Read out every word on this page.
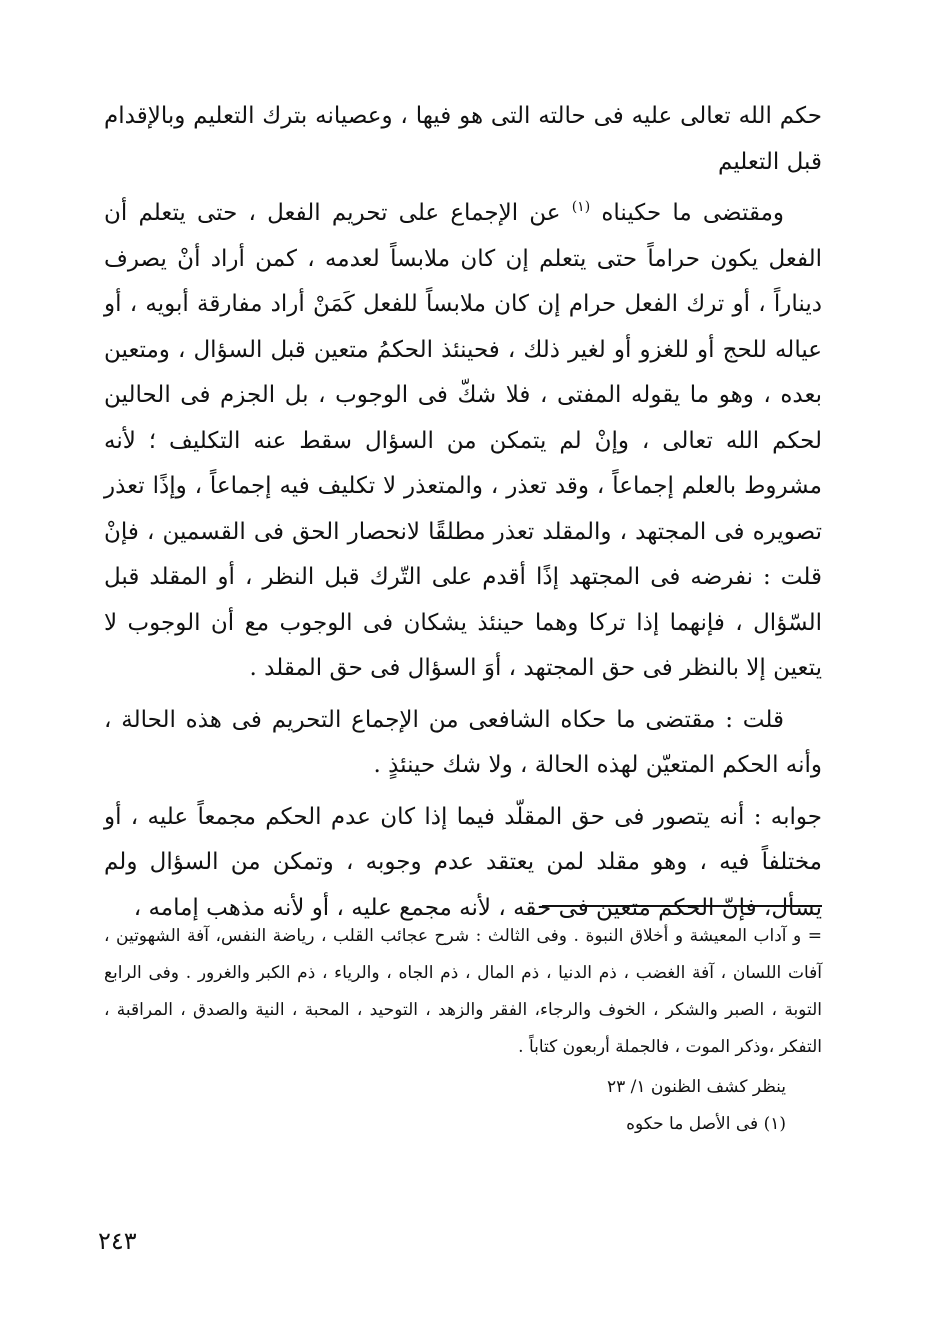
حكم الله تعالى عليه فى حالته التى هو فيها ، وعصيانه بترك التعليم وبالإقدام قبل التعليم

ومقتضى ما حكيناه $^{(١)}$ عن الإجماع على تحريم الفعل ، حتى يتعلم أن الفعل يكون حراماً حتى يتعلم إن كان ملابساً لعدمه ، كمن أراد أنْ يصرف ديناراً ، أو ترك الفعل حرام إن كان ملابساً للفعل كَمَنْ أراد مفارقة أبويه ، أو عياله للحج أو للغزو أو لغير ذلك ، فحينئذ الحكمُ متعين قبل السؤال ، ومتعين بعده ، وهو ما يقوله المفتى ، فلا شكّ فى الوجوب ، بل الجزم فى الحالين لحكم الله تعالى ، وإنْ لم يتمكن من السؤال سقط عنه التكليف ؛ لأنه مشروط بالعلم إجماعاً ، وقد تعذر ، والمتعذر لا تكليف فيه إجماعاً ، وإذًا تعذر تصويره فى المجتهد ، والمقلد تعذر مطلقًا لانحصار الحق فى القسمين ، فإنْ قلت : نفرضه فى المجتهد إذًا أقدم على التّرك قبل النظر ، أو المقلد قبل السّؤال ، فإنهما إذا تركا وهما حينئذ يشكان فى الوجوب مع أن الوجوب لا يتعين إلا بالنظر فى حق المجتهد ، أوَ السؤال فى حق المقلد .

قلت : مقتضى ما حكاه الشافعى من الإجماع التحريم فى هذه الحالة ، وأنه الحكم المتعيّن لهذه الحالة ، ولا شك حينئذٍ .

جوابه : أنه يتصور فى حق المقلّد فيما إذا كان عدم الحكم مجمعاً عليه ، أو مختلفاً فيه ، وهو مقلد لمن يعتقد عدم وجوبه ، وتمكن من السؤال ولم يسأل، فإنّ الحكم متعين فى حقه ، لأنه مجمع عليه ، أو لأنه مذهب إمامه ،

= و آداب المعيشة و أخلاق النبوة . وفى الثالث : شرح عجائب القلب ، رياضة النفس، آفة الشهوتين ، آفات اللسان ، آفة الغضب ، ذم الدنيا ، ذم المال ، ذم الجاه ، والرياء ، ذم الكبر والغرور . وفى الرابع التوبة ، الصبر والشكر ، الخوف والرجاء، الفقر والزهد ، التوحيد ، المحبة ، النية والصدق ، المراقبة ، التفكر ،وذكر الموت ، فالجملة أربعون كتاباً .

ينظر كشف الظنون ١/ ٢٣

(١) فى الأصل ما حكوه

٢٤٣
